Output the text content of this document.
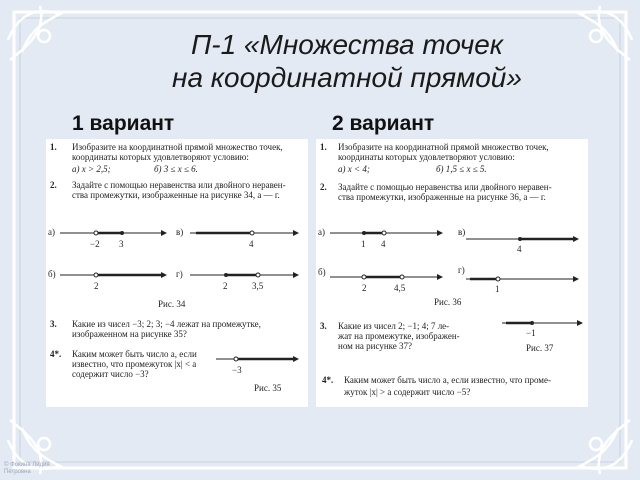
П-1 «Множества точек
на координатной прямой»
1 вариант	2 вариант
1. Изобразите на координатной прямой множество точек,
координаты которых удовлетворяют условию:
а) x > 2,5;	б) 3 ≤ x ≤ 6.
2. Задайте с помощью неравенства или двойного неравен-
ства промежутки, изображенные на рисунке 34, а — г.
а)
−2 3
в)
4
б)
2
г)
2	3,5
Рис. 34
3. Какие из чисел −3; 2; 3; −4 лежат на промежутке,
изображенном на рисунке 35?
4*. Каким может быть число a, если
известно, что промежуток |x| < a
содержит число −3?	−3
Рис. 35
1. Изобразите на координатной прямой множество точек,
координаты которых удовлетворяют условию:
а) x < 4;	б) 1,5 ≤ x ≤ 5.
2. Задайте с помощью неравенства или двойного неравен-
ства промежутки, изображенные на рисунке 36, а — г.
а)
1 4
в)
4
б)
2	4,5
г)
1
Рис. 36
3. Какие из чисел 2; −1; 4; 7 ле-
жат на промежутке, изображен-
ном на рисунке 37?
−1
Рис. 37
4*. Каким может быть число a, если известно, что проме-
жуток |x| > a содержит число −5?
© Фокина Лидия
Петровна
